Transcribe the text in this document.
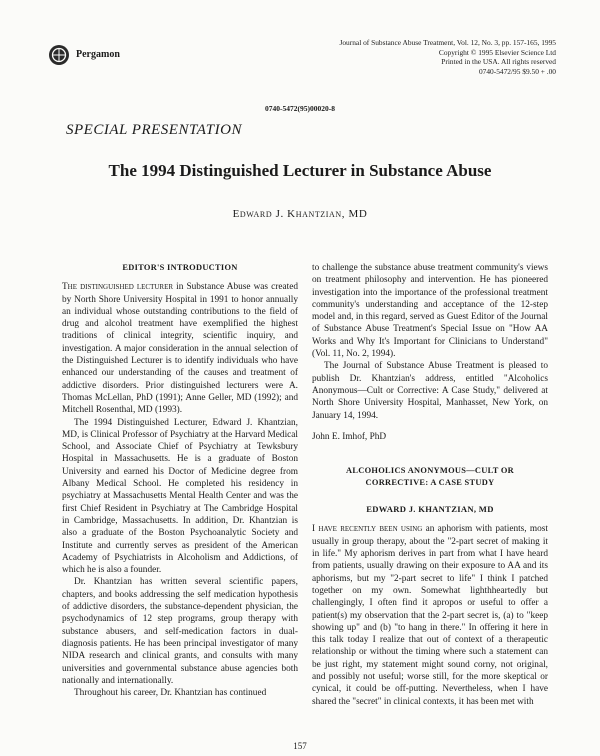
Pergamon
Journal of Substance Abuse Treatment, Vol. 12, No. 3, pp. 157-165, 1995
Copyright © 1995 Elsevier Science Ltd
Printed in the USA. All rights reserved
0740-5472/95 $9.50 + .00
0740-5472(95)00020-8
SPECIAL PRESENTATION
The 1994 Distinguished Lecturer in Substance Abuse
Edward J. Khantzian, MD
EDITOR'S INTRODUCTION

The distinguished lecturer in Substance Abuse was created by North Shore University Hospital in 1991 to honor annually an individual whose outstanding contributions to the field of drug and alcohol treatment have exemplified the highest traditions of clinical integrity, scientific inquiry, and investigation. A major consideration in the annual selection of the Distinguished Lecturer is to identify individuals who have enhanced our understanding of the causes and treatment of addictive disorders. Prior distinguished lecturers were A. Thomas McLellan, PhD (1991); Anne Geller, MD (1992); and Mitchell Rosenthal, MD (1993).

The 1994 Distinguished Lecturer, Edward J. Khantzian, MD, is Clinical Professor of Psychiatry at the Harvard Medical School, and Associate Chief of Psychiatry at Tewksbury Hospital in Massachusetts. He is a graduate of Boston University and earned his Doctor of Medicine degree from Albany Medical School. He completed his residency in psychiatry at Massachusetts Mental Health Center and was the first Chief Resident in Psychiatry at The Cambridge Hospital in Cambridge, Massachusetts. In addition, Dr. Khantzian is also a graduate of the Boston Psychoanalytic Society and Institute and currently serves as president of the American Academy of Psychiatrists in Alcoholism and Addictions, of which he is also a founder.

Dr. Khantzian has written several scientific papers, chapters, and books addressing the self medication hypothesis of addictive disorders, the substance-dependent physician, the psychodynamics of 12 step programs, group therapy with substance abusers, and self-medication factors in dual-diagnosis patients. He has been principal investigator of many NIDA research and clinical grants, and consults with many universities and governmental substance abuse agencies both nationally and internationally.

Throughout his career, Dr. Khantzian has continued

to challenge the substance abuse treatment community's views on treatment philosophy and intervention. He has pioneered investigation into the importance of the professional treatment community's understanding and acceptance of the 12-step model and, in this regard, served as Guest Editor of the Journal of Substance Abuse Treatment's Special Issue on "How AA Works and Why It's Important for Clinicians to Understand" (Vol. 11, No. 2, 1994).

The Journal of Substance Abuse Treatment is pleased to publish Dr. Khantzian's address, entitled "Alcoholics Anonymous—Cult or Corrective: A Case Study," delivered at North Shore University Hospital, Manhasset, New York, on January 14, 1994.

John E. Imhof, PhD
ALCOHOLICS ANONYMOUS—CULT OR
CORRECTIVE: A CASE STUDY
EDWARD J. KHANTZIAN, MD

I have recently been using an aphorism with patients, most usually in group therapy, about the "2-part secret of making it in life." My aphorism derives in part from what I have heard from patients, usually drawing on their exposure to AA and its aphorisms, but my "2-part secret to life" I think I patched together on my own. Somewhat lighthheartedly but challengingly, I often find it apropos or useful to offer a patient(s) my observation that the 2-part secret is, (a) to "keep showing up" and (b) "to hang in there." In offering it here in this talk today I realize that out of context of a therapeutic relationship or without the timing where such a statement can be just right, my statement might sound corny, not original, and possibly not useful; worse still, for the more skeptical or cynical, it could be off-putting. Nevertheless, when I have shared the "secret" in clinical contexts, it has been met with

157
